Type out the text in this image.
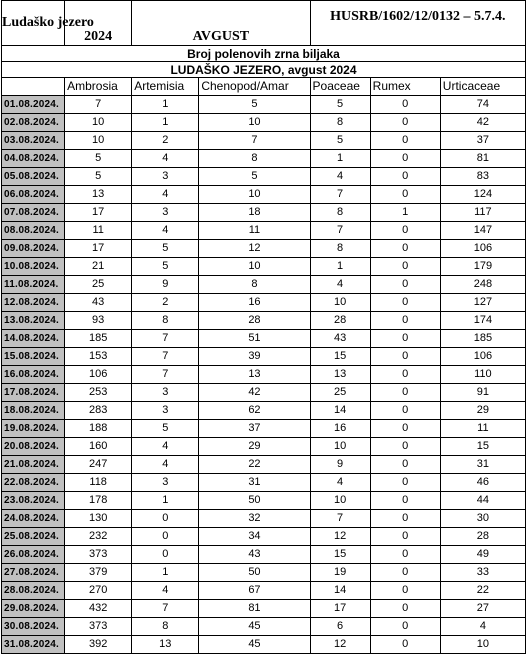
Ludaško jezero	2024	AVGUST		HUSRB/1602/12/0132 – 5.7.4.		
Broj polenovih zrna biljaka						
LUDAŠKO JEZERO, avgust 2024						
	Ambrosia	Artemisia	Chenopod/Amar	Poaceae	Rumex	Urticaceae
01.08.2024.	7	1	5	5	0	74
02.08.2024.	10	1	10	8	0	42
03.08.2024.	10	2	7	5	0	37
04.08.2024.	5	4	8	1	0	81
05.08.2024.	5	3	5	4	0	83
06.08.2024.	13	4	10	7	0	124
07.08.2024.	17	3	18	8	1	117
08.08.2024.	11	4	11	7	0	147
09.08.2024.	17	5	12	8	0	106
10.08.2024.	21	5	10	1	0	179
11.08.2024.	25	9	8	4	0	248
12.08.2024.	43	2	16	10	0	127
13.08.2024.	93	8	28	28	0	174
14.08.2024.	185	7	51	43	0	185
15.08.2024.	153	7	39	15	0	106
16.08.2024.	106	7	13	13	0	110
17.08.2024.	253	3	42	25	0	91
18.08.2024.	283	3	62	14	0	29
19.08.2024.	188	5	37	16	0	11
20.08.2024.	160	4	29	10	0	15
21.08.2024.	247	4	22	9	0	31
22.08.2024.	118	3	31	4	0	46
23.08.2024.	178	1	50	10	0	44
24.08.2024.	130	0	32	7	0	30
25.08.2024.	232	0	34	12	0	28
26.08.2024.	373	0	43	15	0	49
27.08.2024.	379	1	50	19	0	33
28.08.2024.	270	4	67	14	0	22
29.08.2024.	432	7	81	17	0	27
30.08.2024.	373	8	45	6	0	4
31.08.2024.	392	13	45	12	0	10
